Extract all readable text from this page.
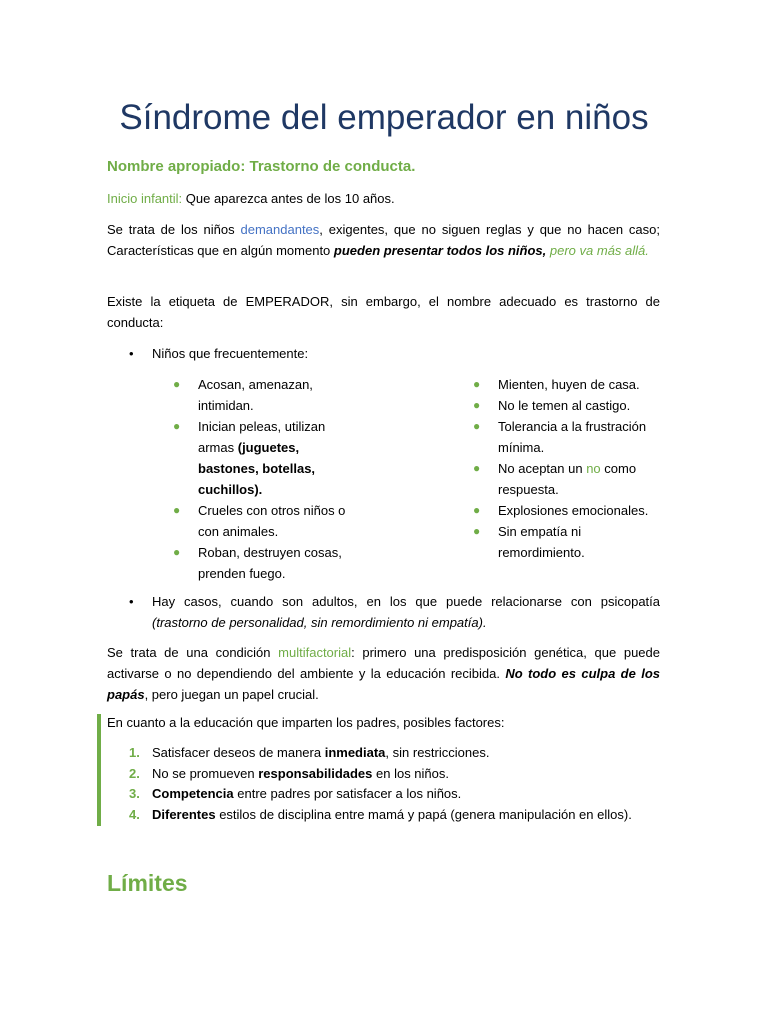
Síndrome del emperador en niños
Nombre apropiado: Trastorno de conducta.
Inicio infantil: Que aparezca antes de los 10 años.
Se trata de los niños demandantes, exigentes, que no siguen reglas y que no hacen caso; Características que en algún momento pueden presentar todos los niños, pero va más allá.
Existe la etiqueta de EMPERADOR, sin embargo, el nombre adecuado es trastorno de conducta:
• Niños que frecuentemente:
● Acosan, amenazan, intimidan.
● Inician peleas, utilizan armas (juguetes, bastones, botellas, cuchillos).
● Crueles con otros niños o con animales.
● Roban, destruyen cosas, prenden fuego.
● Mienten, huyen de casa.
● No le temen al castigo.
● Tolerancia a la frustración mínima.
● No aceptan un no como respuesta.
● Explosiones emocionales.
● Sin empatía ni remordimiento.
• Hay casos, cuando son adultos, en los que puede relacionarse con psicopatía (trastorno de personalidad, sin remordimiento ni empatía).
Se trata de una condición multifactorial: primero una predisposición genética, que puede activarse o no dependiendo del ambiente y la educación recibida. No todo es culpa de los papás, pero juegan un papel crucial.
En cuanto a la educación que imparten los padres, posibles factores:
1. Satisfacer deseos de manera inmediata, sin restricciones.
2. No se promueven responsabilidades en los niños.
3. Competencia entre padres por satisfacer a los niños.
4. Diferentes estilos de disciplina entre mamá y papá (genera manipulación en ellos).
Límites
